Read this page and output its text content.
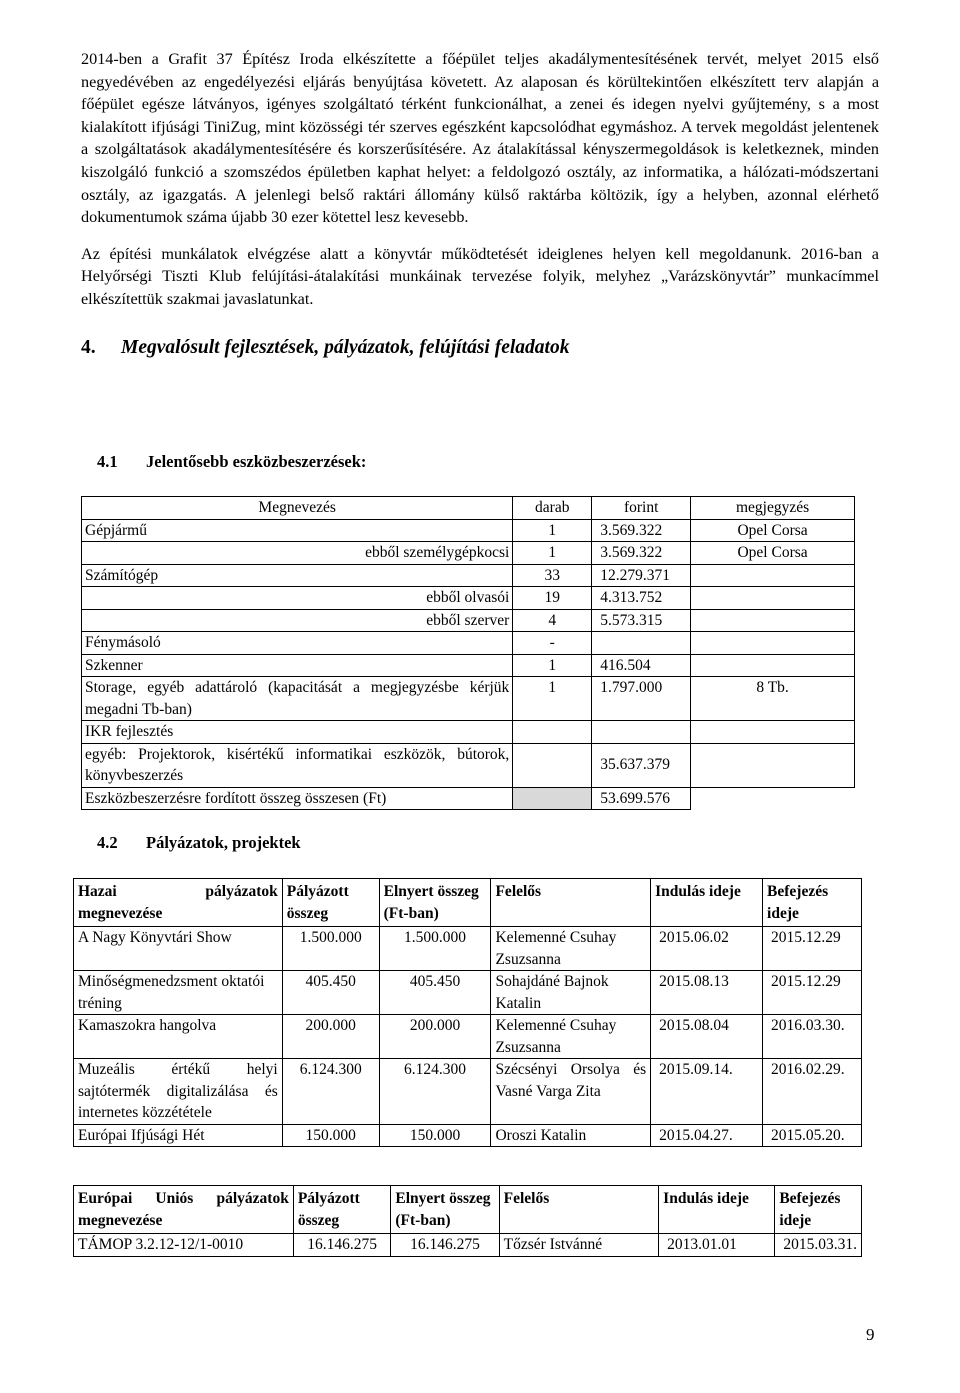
2014-ben a Grafit 37 Építész Iroda elkészítette a főépület teljes akadálymentesítésének tervét, melyet 2015 első negyedévében az engedélyezési eljárás benyújtása követett. Az alaposan és körültekintően elkészített terv alapján a főépület egésze látványos, igényes szolgáltató térként funkcionálhat, a zenei és idegen nyelvi gyűjtemény, s a most kialakított ifjúsági TiniZug, mint közösségi tér szerves egészként kapcsolódhat egymáshoz. A tervek megoldást jelentenek a szolgáltatások akadálymentesítésére és korszerűsítésére. Az átalakítással kényszermegoldások is keletkeznek, minden kiszolgáló funkció a szomszédos épületben kaphat helyet: a feldolgozó osztály, az informatika, a hálózati-módszertani osztály, az igazgatás. A jelenlegi belső raktári állomány külső raktárba költözik, így a helyben, azonnal elérhető dokumentumok száma újabb 30 ezer kötettel lesz kevesebb.

Az építési munkálatok elvégzése alatt a könyvtár működtetését ideiglenes helyen kell megoldanunk. 2016-ban a Helyőrségi Tiszti Klub felújítási-átalakítási munkáinak tervezése folyik, melyhez „Varázskönyvtár” munkacímmel elkészítettük szakmai javaslatunkat.

4. Megvalósult fejlesztések, pályázatok, felújítási feladatok
4.1 Jelentősebb eszközbeszerzések:
Megnevezés	darab	forint	megjegyzés
Gépjármű	1	3.569.322	Opel Corsa
ebből személygépkocsi	1	3.569.322	Opel Corsa
Számítógép	33	12.279.371	
ebből olvasói	19	4.313.752	
ebből szerver	4	5.573.315	
Fénymásoló	-		
Szkenner	1	416.504	
Storage, egyéb adattároló (kapacitását a megjegyzésbe kérjük megadni Tb-ban)	1	1.797.000	8 Tb.
IKR fejlesztés			
egyéb: Projektorok, kisértékű informatikai eszközök, bútorok, könyvbeszerzés		35.637.379	
Eszközbeszerzésre fordított összeg összesen (Ft)		53.699.576	
4.2 Pályázatok, projektek
Hazai pályázatok megnevezése	Pályázott összeg	Elnyert összeg (Ft-ban)	Felelős	Indulás ideje	Befejezés ideje
A Nagy Könyvtári Show	1.500.000	1.500.000	Kelemenné Csuhay Zsuzsanna	2015.06.02	2015.12.29
Minőségmenedzsment oktatói tréning	405.450	405.450	Sohajdáné Bajnok Katalin	2015.08.13	2015.12.29
Kamaszokra hangolva	200.000	200.000	Kelemenné Csuhay Zsuzsanna	2015.08.04	2016.03.30.
Muzeális értékű helyi sajtótermék digitalizálása és internetes közzététele	6.124.300	6.124.300	Szécsényi Orsolya és Vasné Varga Zita	2015.09.14.	2016.02.29.
Európai Ifjúsági Hét	150.000	150.000	Oroszi Katalin	2015.04.27.	2015.05.20.
Európai Uniós pályázatok megnevezése	Pályázott összeg	Elnyert összeg (Ft-ban)	Felelős	Indulás ideje	Befejezés ideje
TÁMOP 3.2.12-12/1-0010	16.146.275	16.146.275	Tőzsér Istvánné	2013.01.01	2015.03.31.
9
